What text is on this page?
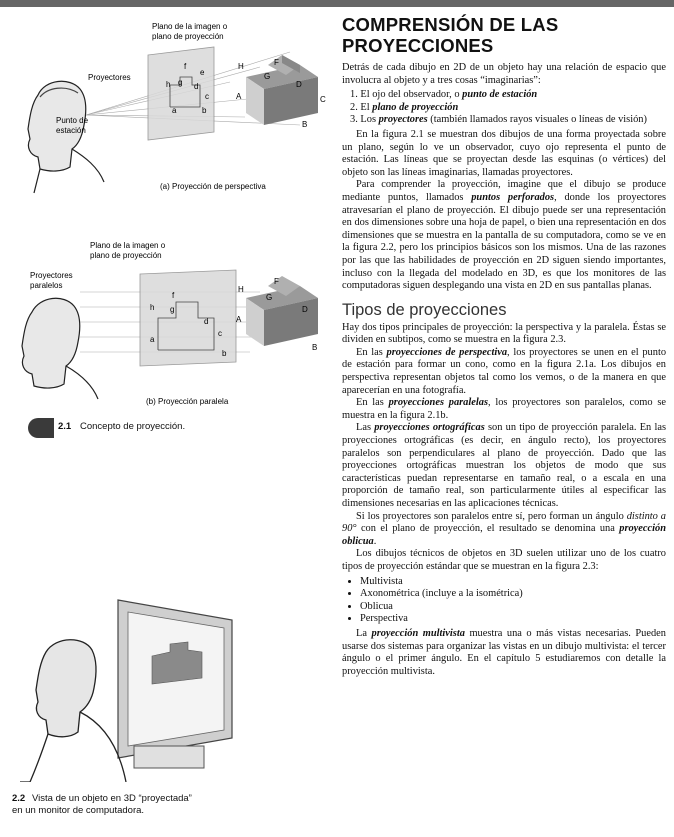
Plano de la imagen o
plano de proyección
Proyectores
Punto de
estación
A
B
C
D
F
G
H
a	b
c
d
e
f
g
h
(a) Proyección de perspectiva
Plano de la imagen o
plano de proyección
Proyectores
paralelos
A
B
D
F
G
H
a
b
c
d
f
g
h
(b) Proyección paralela
2.1 Concepto de proyección.
2.2 Vista de un objeto en 3D “proyectada”
en un monitor de computadora.
COMPRENSIÓN DE LAS
PROYECCIONES

Detrás de cada dibujo en 2D de un objeto hay una relación de espacio que involucra al objeto y a tres cosas “imaginarias”:

1. El ojo del observador, o punto de estación
2. El plano de proyección
3. Los proyectores (también llamados rayos visuales o líneas de visión)

En la figura 2.1 se muestran dos dibujos de una forma proyectada sobre un plano, según lo ve un observador, cuyo ojo representa el punto de estación. Las líneas que se proyectan desde las esquinas (o vértices) del objeto son las líneas imaginarias, llamadas proyectores.

Para comprender la proyección, imagine que el dibujo se produce mediante puntos, llamados puntos perforados, donde los proyectores atravesarían el plano de proyección. El dibujo puede ser una representación en dos dimensiones sobre una hoja de papel, o bien una representación en dos dimensiones que se muestra en la pantalla de su computadora, como se ve en la figura 2.2, pero los principios básicos son los mismos. Una de las razones por las que las habilidades de proyección en 2D siguen siendo importantes, incluso con la llegada del modelado en 3D, es que los monitores de las computadoras siguen desplegando una vista en 2D en sus pantallas planas.

Tipos de proyecciones

Hay dos tipos principales de proyección: la perspectiva y la paralela. Éstas se dividen en subtipos, como se muestra en la figura 2.3.

En las proyecciones de perspectiva, los proyectores se unen en el punto de estación para formar un cono, como en la figura 2.1a. Los dibujos en perspectiva representan objetos tal como los vemos, o de la manera en que aparecerían en una fotografía.

En las proyecciones paralelas, los proyectores son paralelos, como se muestra en la figura 2.1b.

Las proyecciones ortográficas son un tipo de proyección paralela. En las proyecciones ortográficas (es decir, en ángulo recto), los proyectores paralelos son perpendiculares al plano de proyección. Dado que las proyecciones ortográficas muestran los objetos de modo que sus características puedan representarse en tamaño real, o a escala en una proporción de tamaño real, son particularmente útiles al especificar las dimensiones necesarias en las aplicaciones técnicas.

Si los proyectores son paralelos entre sí, pero forman un ángulo distinto a 90° con el plano de proyección, el resultado se denomina una proyección oblicua.

Los dibujos técnicos de objetos en 3D suelen utilizar uno de los cuatro tipos de proyección estándar que se muestran en la figura 2.3:

• Multivista
• Axonométrica (incluye a la isométrica)
• Oblicua
• Perspectiva

La proyección multivista muestra una o más vistas necesarias. Pueden usarse dos sistemas para organizar las vistas en un dibujo multivista: el tercer ángulo o el primer ángulo. En el capítulo 5 estudiaremos con detalle la proyección multivista.
